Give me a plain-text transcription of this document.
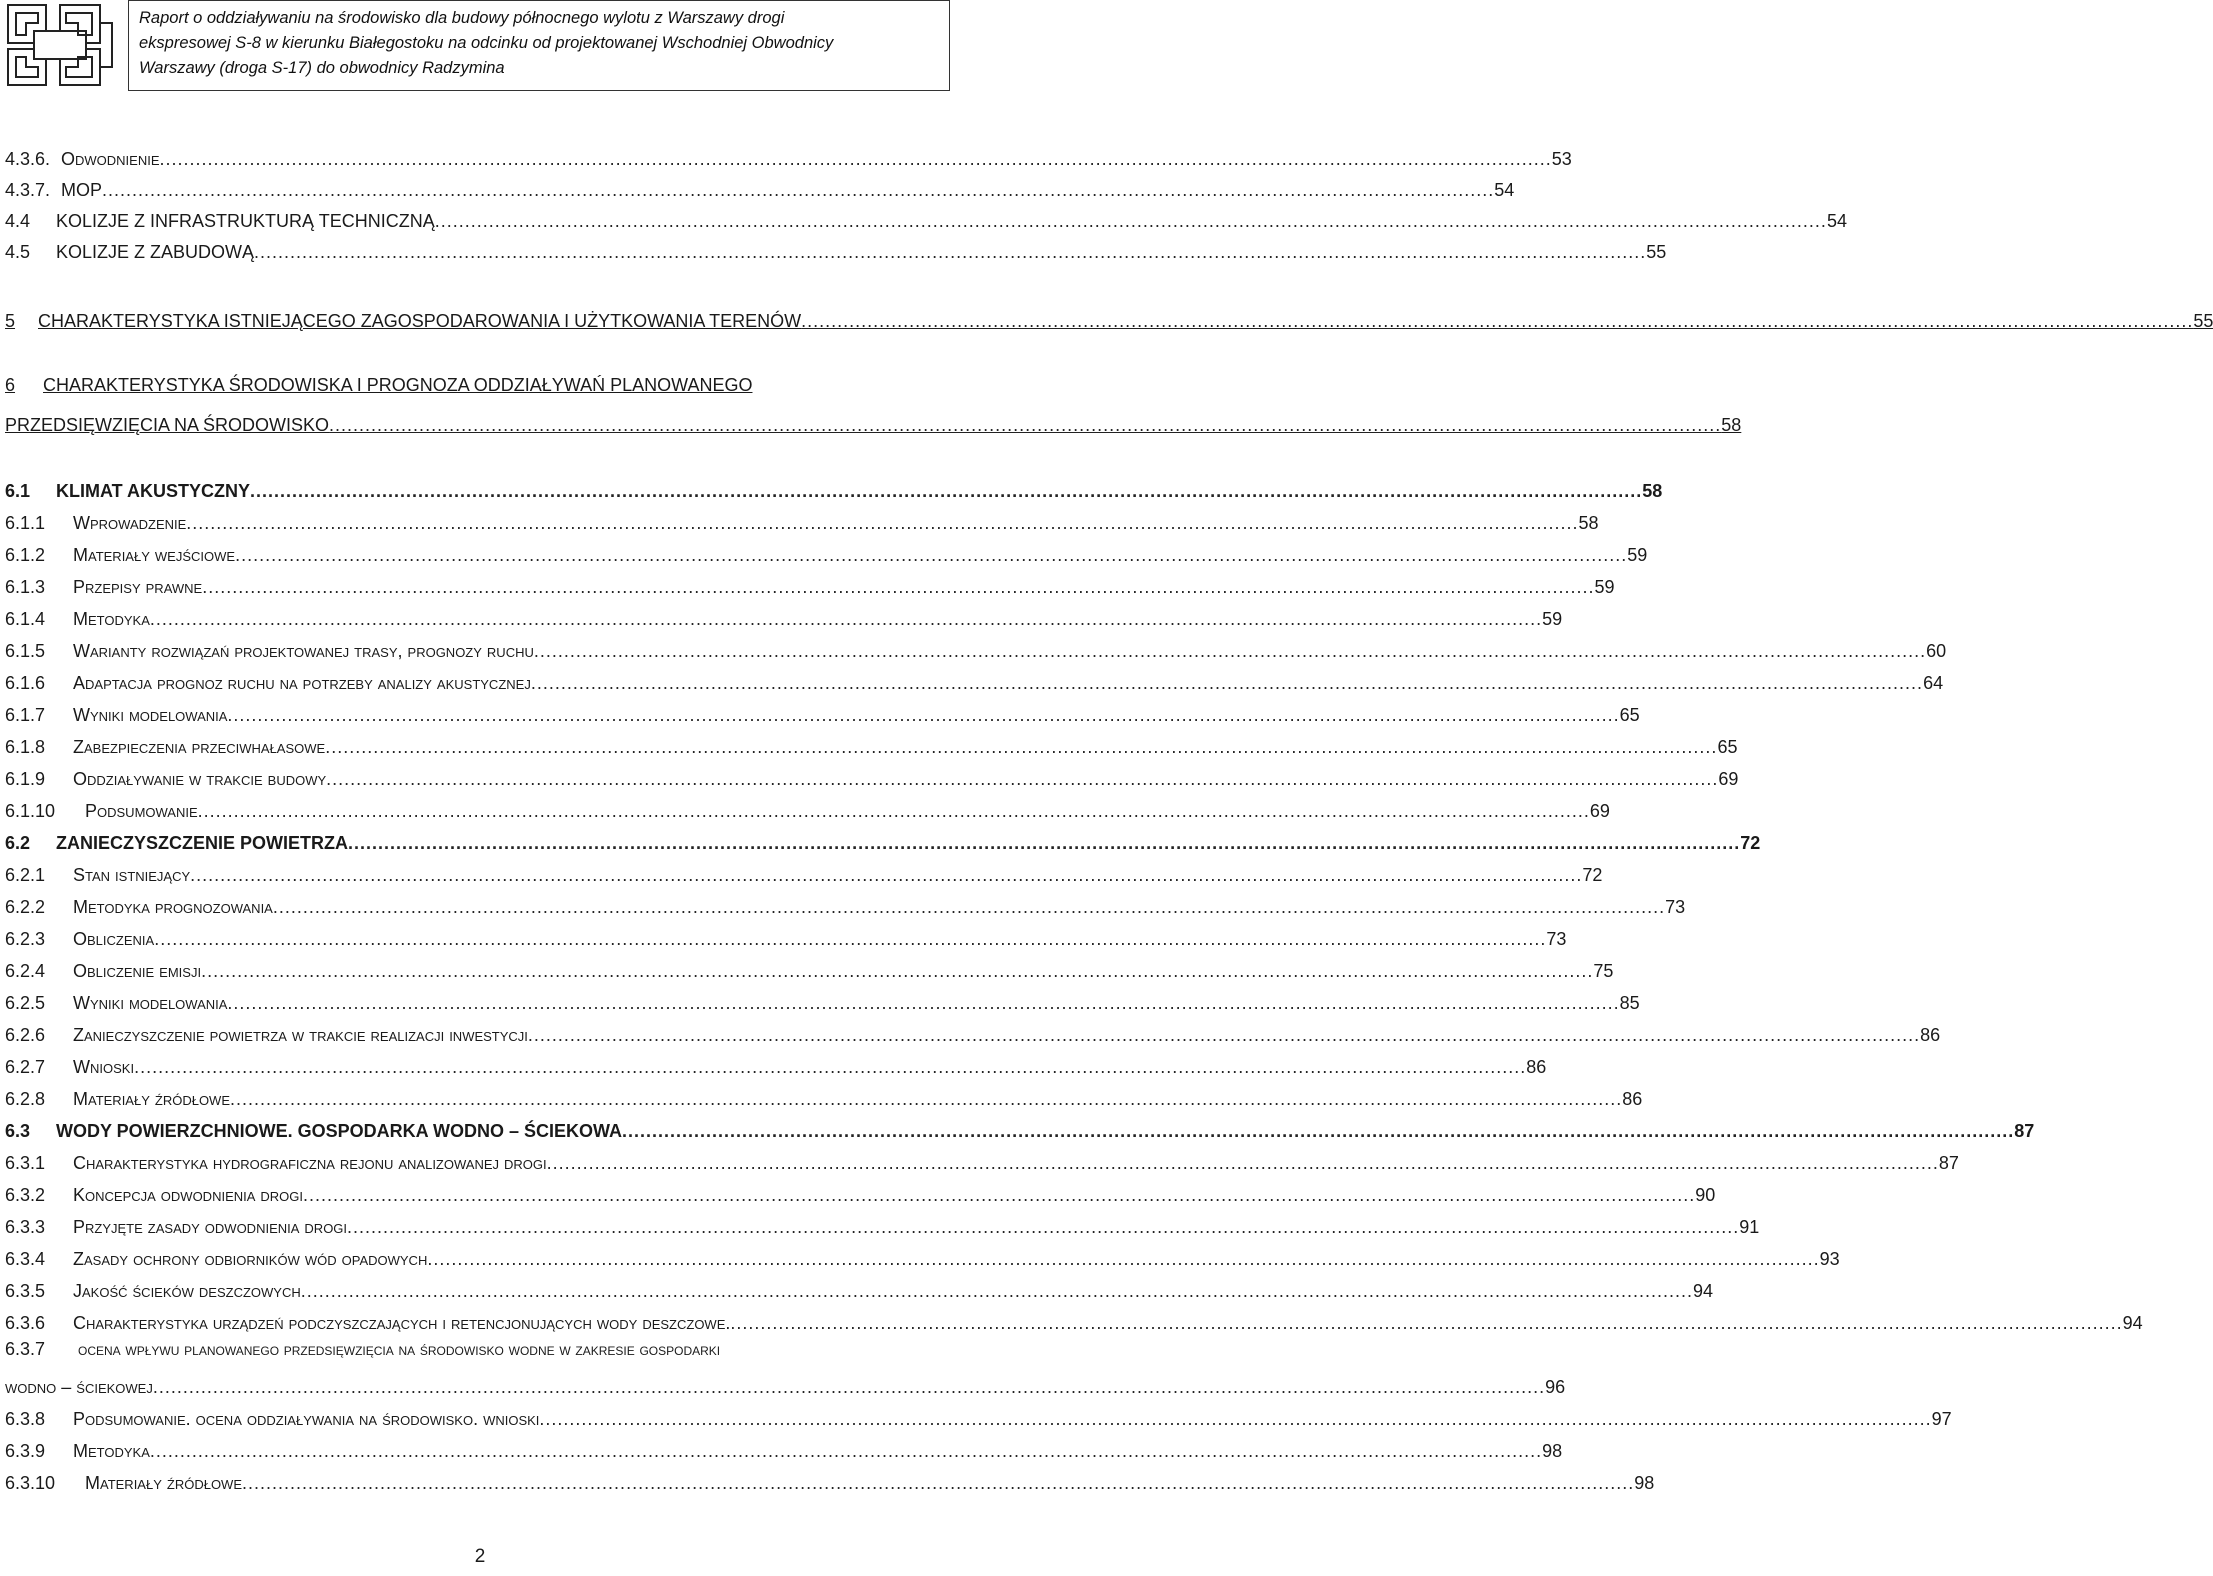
Raport o oddziaływaniu na środowisko dla budowy północnego wylotu z Warszawy drogi

ekspresowej S-8 w kierunku Białegostoku na odcinku od projektowanej Wschodniej Obwodnicy

Warszawy (droga S-17) do obwodnicy Radzymina

4.3.6. Odwodnienie .....	53
4.3.7. MOP .....	54
4.4	KOLIZJE Z INFRASTRUKTURĄ TECHNICZNĄ .....	54
4.5	KOLIZJE Z ZABUDOWĄ .....	55
5	CHARAKTERYSTYKA ISTNIEJĄCEGO ZAGOSPODAROWANIA I UŻYTKOWANIA TERENÓW .....	55
6 CHARAKTERYSTYKA ŚRODOWISKA I PROGNOZA ODDZIAŁYWAŃ PLANOWANEGO
PRZEDSIĘWZIĘCIA NA ŚRODOWISKO .....	58
6.1	KLIMAT AKUSTYCZNY .....	58
6.1.1	Wprowadzenie .....	58
6.1.2	Materiały wejściowe .....	59
6.1.3	Przepisy prawne .....	59
6.1.4	Metodyka .....	59
6.1.5	Warianty rozwiązań projektowanej trasy, prognozy ruchu .....	60
6.1.6	Adaptacja prognoz ruchu na potrzeby analizy akustycznej .....	64
6.1.7	Wyniki modelowania .....	65
6.1.8	Zabezpieczenia przeciwhałasowe .....	65
6.1.9	Oddziaływanie w trakcie budowy .....	69
6.1.10	Podsumowanie .....	69
6.2	ZANIECZYSZCZENIE POWIETRZA .....	72
6.2.1	Stan istniejący .....	72
6.2.2	Metodyka prognozowania .....	73
6.2.3	Obliczenia .....	73
6.2.4	Obliczenie emisji .....	75
6.2.5	Wyniki modelowania .....	85
6.2.6	Zanieczyszczenie powietrza w trakcie realizacji inwestycji .....	86
6.2.7	Wnioski .....	86
6.2.8	Materiały źródłowe .....	86
6.3	WODY POWIERZCHNIOWE. GOSPODARKA WODNO – ŚCIEKOWA .....	87
6.3.1	Charakterystyka hydrograficzna rejonu analizowanej drogi .....	87
6.3.2	Koncepcja odwodnienia drogi .....	90
6.3.3	Przyjęte zasady odwodnienia drogi .....	91
6.3.4	Zasady ochrony odbiorników wód opadowych .....	93
6.3.5	Jakość ścieków deszczowych .....	94
6.3.6	Charakterystyka urządzeń podczyszczających i retencjonujących wody deszczowe. .....	94
6.3.7 ocena wpływu planowanego przedsięwzięcia na środowisko wodne w zakresie gospodarki
wodno – ściekowej .....	96
6.3.8	Podsumowanie. ocena oddziaływania na środowisko. wnioski .....	97
6.3.9	Metodyka .....	98
6.3.10	Materiały źródłowe .....	98
2
